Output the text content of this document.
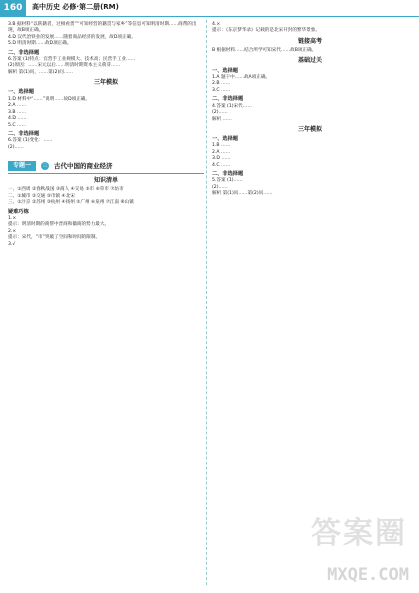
160	高中历史 必修·第二册(RM)

3.B 据材料“以陕籍者，过相看货”“可知经营的籍贯与家乡”等信息可知明清时期……商帮的出现，故B项正确。

4.D 汉代冶铁业的发展……随着商品经济的发展，故D项正确。

5.D 明清时期……故D项正确。

二、非选择题

6.答案 (1)特点：官营手工业规模大、技术高；民营手工业……

(2)原因：……宋元以后……明清时期资本主义萌芽……

解析 第(1)问，……第(2)问……

三年模拟
一、选择题

1.D 材料中“……”说明……故D项正确。

2.A ……

3.B ……

4.D ……

5.C ……

二、非选择题

6.答案 (1)变化：……

(2)……

专题一	三 古代中国的商业经济
知识清单

一、①西周 ②春秋战国 ③商人 ④交易 ⑤市 ⑥草市 ⑦坊市

二、①城市 ②交通 ③市镇 ④北宋

三、①汴京 ②苏州 ③杭州 ④扬州 ⑤广州 ⑥泉州 ⑦江南 ⑧山镇

疑难巧练

1.×

提示：明清时期的商帮中晋商和徽商的势力最大。

2.×

提示：宋代，“市”突破了空间和时间的限制。

3.√

4.×

提示：《东京梦华录》记载的是北宋开封的繁华景象。

链接高考

B 根据材料……结合所学可知宋代……故B项正确。

基础过关
一、选择题

1.A 题干中……故A项正确。

2.B ……

3.C ……

二、非选择题

4.答案 (1)宋代……

(2)……

解析 ……

三年模拟
一、选择题

1.B ……

2.A ……

3.D ……

4.C ……

二、非选择题

5.答案 (1)……

(2)……

解析 第(1)问……第(2)问……

答案圈
MXQE.COM
